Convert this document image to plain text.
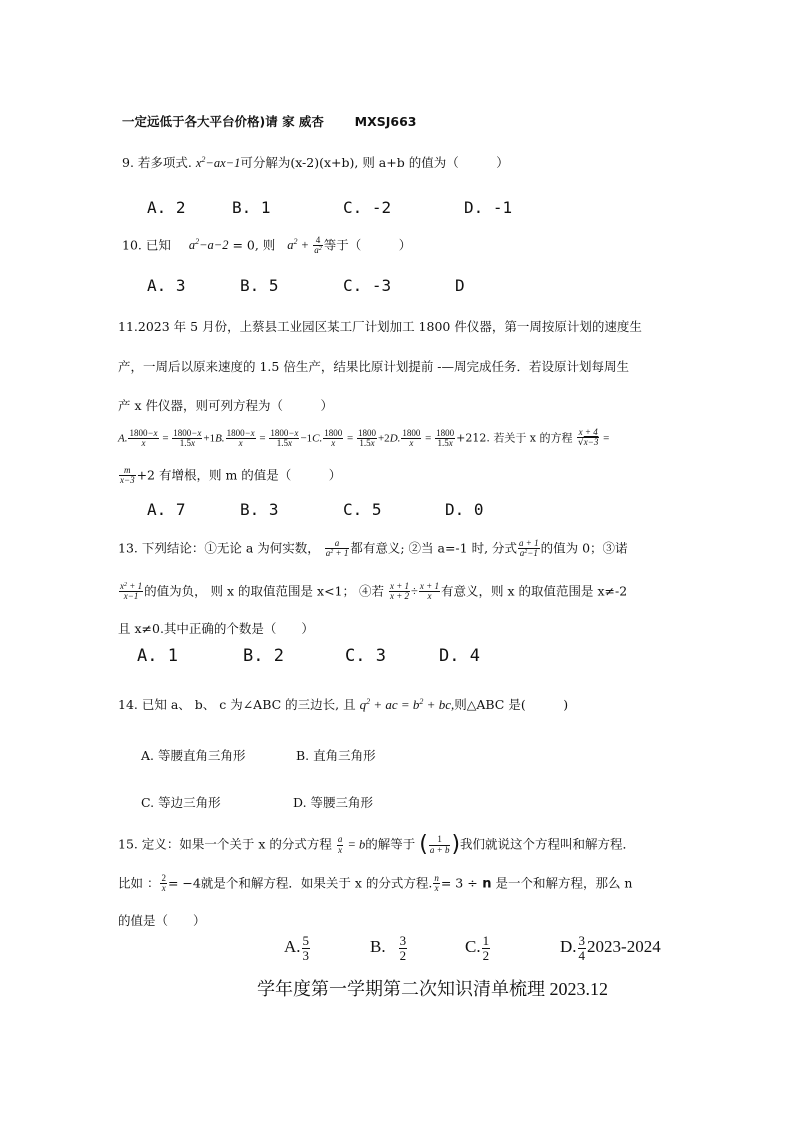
一定远低于各大平台价格)请 家 威杏 MXSJ663
9. 若多项式. $x^2-ax-1$可分解为(x-2)(x+b), 则 a+b 的值为（　　　）
A. 2	B. 1	C. -2	D. -1
10. 已知 $a^2-a-2 = 0$, 则 $a^2 + \frac{4}{a^2}$ 等于（　　　）
A. 3	B. 5	C. -3	D
11.2023 年 5 月份，上蔡县工业园区某工厂计划加工 1800 件仪器，第一周按原计划的速度生
产，一周后以原来速度的 1.5 倍生产，结果比原计划提前 -—周完成任务．若设原计划每周生
产 x 件仪器，则可列方程为（　　　）
A. $\frac{1800-x}{x} = \frac{1800-x}{1.5x} +1B$. $\frac{1800-x}{x} = \frac{1800-x}{1.5x} -1C$. $\frac{1800}{x} = \frac{1800}{1.5x} +2D$. $\frac{1800}{x} = \frac{1800}{1.5x} +212$. 若关于 x 的方程 $\frac{x + 4}{√x-3}$ =
$\frac{m}{x-3} +2$ 有增根，则 m 的值是（　　　）
A. 7	B. 3	C. 5	D. 0
13. 下列结论：①无论 a 为何实数， $\frac{a}{a^2 + 1}$ 都有意义; ②当 a=-1 时, 分式 $\frac{a + 1}{a^2-1}$ 的值为 0；③诺
$\frac{x^2 + 1}{x-1}$ 的值为负， 则 x 的取值范围是 x<1； ④若 $\frac{x + 1}{x + 2} \div \frac{x + 1}{x}$ 有意义，则 x 的取值范围是 x≠-2
且 x≠0.其中正确的个数是（　　）
A. 1	B. 2	C. 3	D. 4
14. 已知 a、 b、 c 为∠ABC 的三边长, 且 $q^2$ + ac = $b^2$ + bc,则△ABC 是(　　　)
A. 等腰直角三角形	B. 直角三角形
C. 等边三角形	D. 等腰三角形
15. 定义：如果一个关于 x 的分式方程 $\frac{a}{x} = b$的解等于 ( $\frac{1}{a + b}$ )我们就说这个方程叫和解方程．
比如 ： $\frac{2}{x} = -4$就是个和解方程．如果关于 x 的分式方程. $\frac{n}{x} = 3 \div n$ 是一个和解方程，那么 n
的值是（　　）
A. $\frac{5}{3}$	B. $\frac{3}{2}$	C. $\frac{1}{2}$	D. $\frac{3}{4} 2023-2024$
学年度第一学期第二次知识清单梳理 2023.12
